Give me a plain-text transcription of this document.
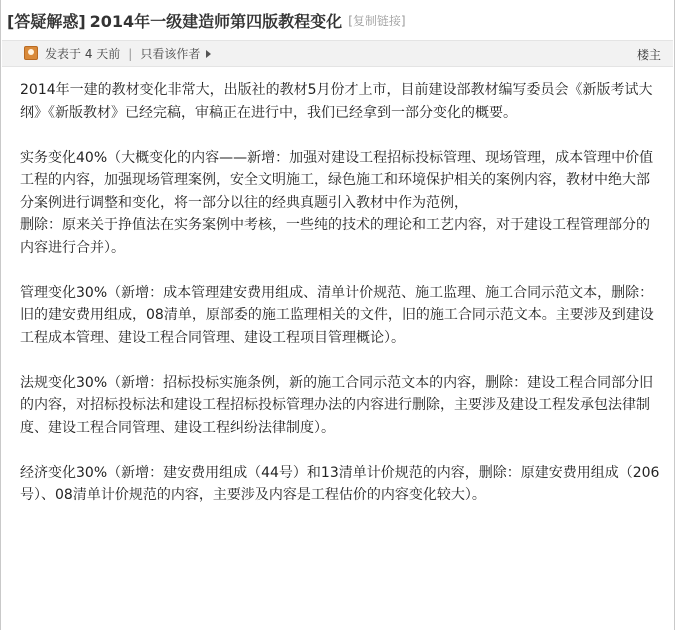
[答疑解惑] 2014年一级建造师第四版教程变化 [复制链接]
发表于 4 天前 | 只看该作者	楼主

2014年一建的教材变化非常大，出版社的教材5月份才上市，目前建设部教材编写委员会《新版考试大纲》《新版教材》已经完稿，审稿正在进行中，我们已经拿到一部分变化的概要。

实务变化40%（大概变化的内容——新增：加强对建设工程招标投标管理、现场管理，成本管理中价值工程的内容，加强现场管理案例，安全文明施工，绿色施工和环境保护相关的案例内容，教材中绝大部分案例进行调整和变化，将一部分以往的经典真题引入教材中作为范例，
删除：原来关于挣值法在实务案例中考核，一些纯的技术的理论和工艺内容，对于建设工程管理部分的内容进行合并）。

管理变化30%（新增：成本管理建安费用组成、清单计价规范、施工监理、施工合同示范文本，删除：旧的建安费用组成，08清单，原部委的施工监理相关的文件，旧的施工合同示范文本。主要涉及到建设工程成本管理、建设工程合同管理、建设工程项目管理概论）。

法规变化30%（新增：招标投标实施条例，新的施工合同示范文本的内容，删除：建设工程合同部分旧的内容，对招标投标法和建设工程招标投标管理办法的内容进行删除，主要涉及建设工程发承包法律制度、建设工程合同管理、建设工程纠纷法律制度）。

经济变化30%（新增：建安费用组成（44号）和13清单计价规范的内容，删除：原建安费用组成（206号）、08清单计价规范的内容，主要涉及内容是工程估价的内容变化较大）。
